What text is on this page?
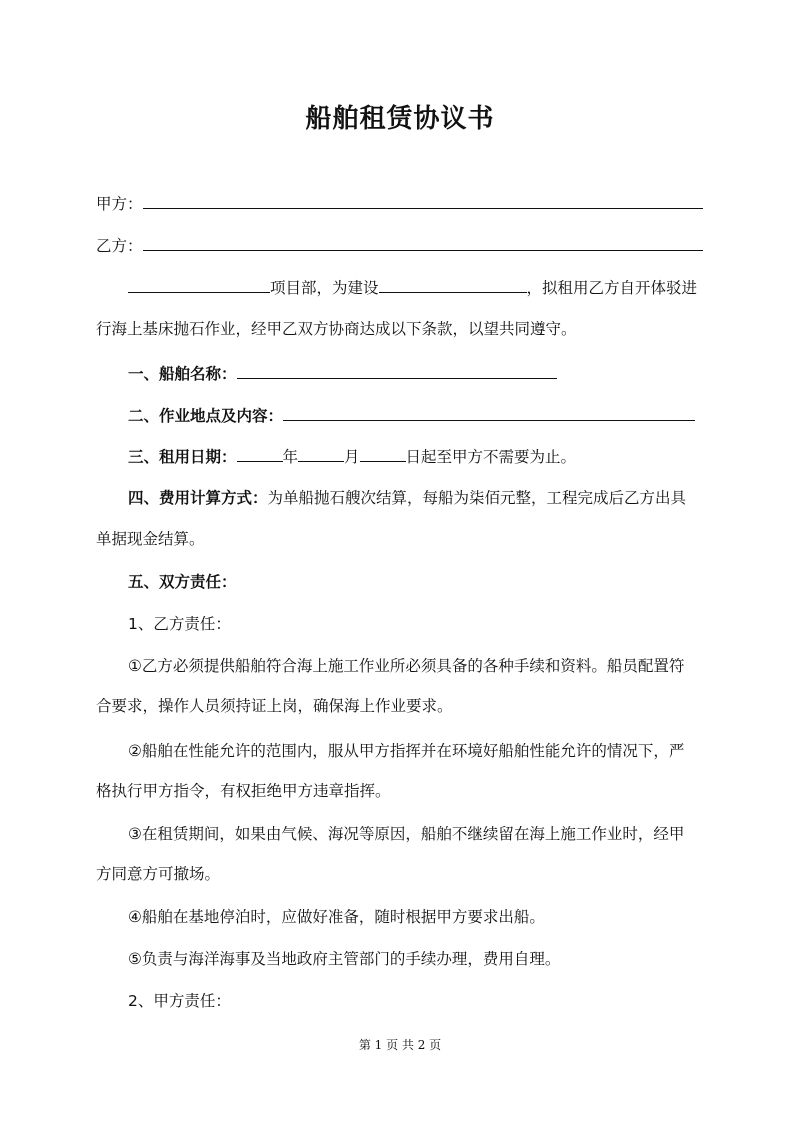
船舶租赁协议书
甲方：
乙方：
项目部，为建设	，拟租用乙方自开体驳进
行海上基床抛石作业，经甲乙双方协商达成以下条款，以望共同遵守。
一、船舶名称：
二、作业地点及内容：
三、租用日期：	年	月	日起至甲方不需要为止。
四、费用计算方式：为单船抛石艘次结算，每船为柒佰元整，工程完成后乙方出具
单据现金结算。
五、双方责任：
1、乙方责任：
①乙方必须提供船舶符合海上施工作业所必须具备的各种手续和资料。船员配置符
合要求，操作人员须持证上岗，确保海上作业要求。
②船舶在性能允许的范围内，服从甲方指挥并在环境好船舶性能允许的情况下，严
格执行甲方指令，有权拒绝甲方违章指挥。
③在租赁期间，如果由气候、海况等原因，船舶不继续留在海上施工作业时，经甲
方同意方可撤场。
④船舶在基地停泊时，应做好准备，随时根据甲方要求出船。
⑤负责与海洋海事及当地政府主管部门的手续办理，费用自理。
2、甲方责任：
第 1 页 共 2 页
